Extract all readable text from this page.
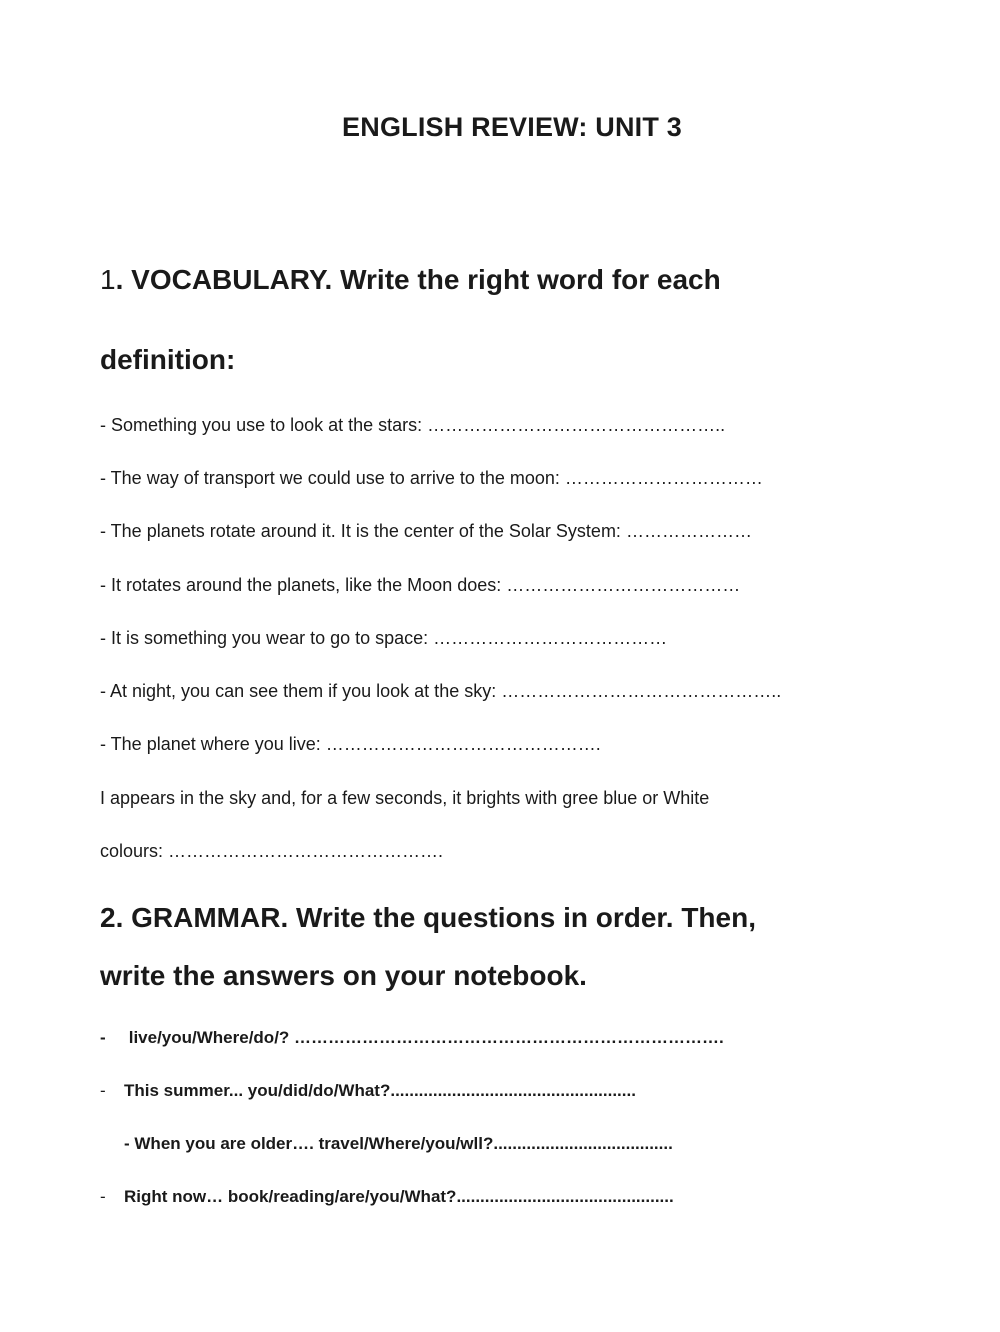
ENGLISH REVIEW: UNIT 3
1. VOCABULARY. Write the right word for each
definition:
- Something you use to look at the stars: …………………………………………..
- The way of transport we could use to arrive to the moon: ……………………………
- The planets rotate around it. It is the center of the Solar System: …………………
- It rotates around the planets, like the Moon does: …………………………………
- It is something you wear to go to space: …………………………………
- At night, you can see them if you look at the sky: ………………………………………..
- The planet where you live: ……………………………………….
I appears in the sky and, for a few seconds, it brights with gree blue or White
colours: ……………………………………….
2. GRAMMAR. Write the questions in order. Then,
write the answers on your notebook.
- live/you/Where/do/? ………………………………………………………………….
- This summer... you/did/do/What?....................................................
- When you are older…. travel/Where/you/wll?......................................
- Right now… book/reading/are/you/What?..............................................
